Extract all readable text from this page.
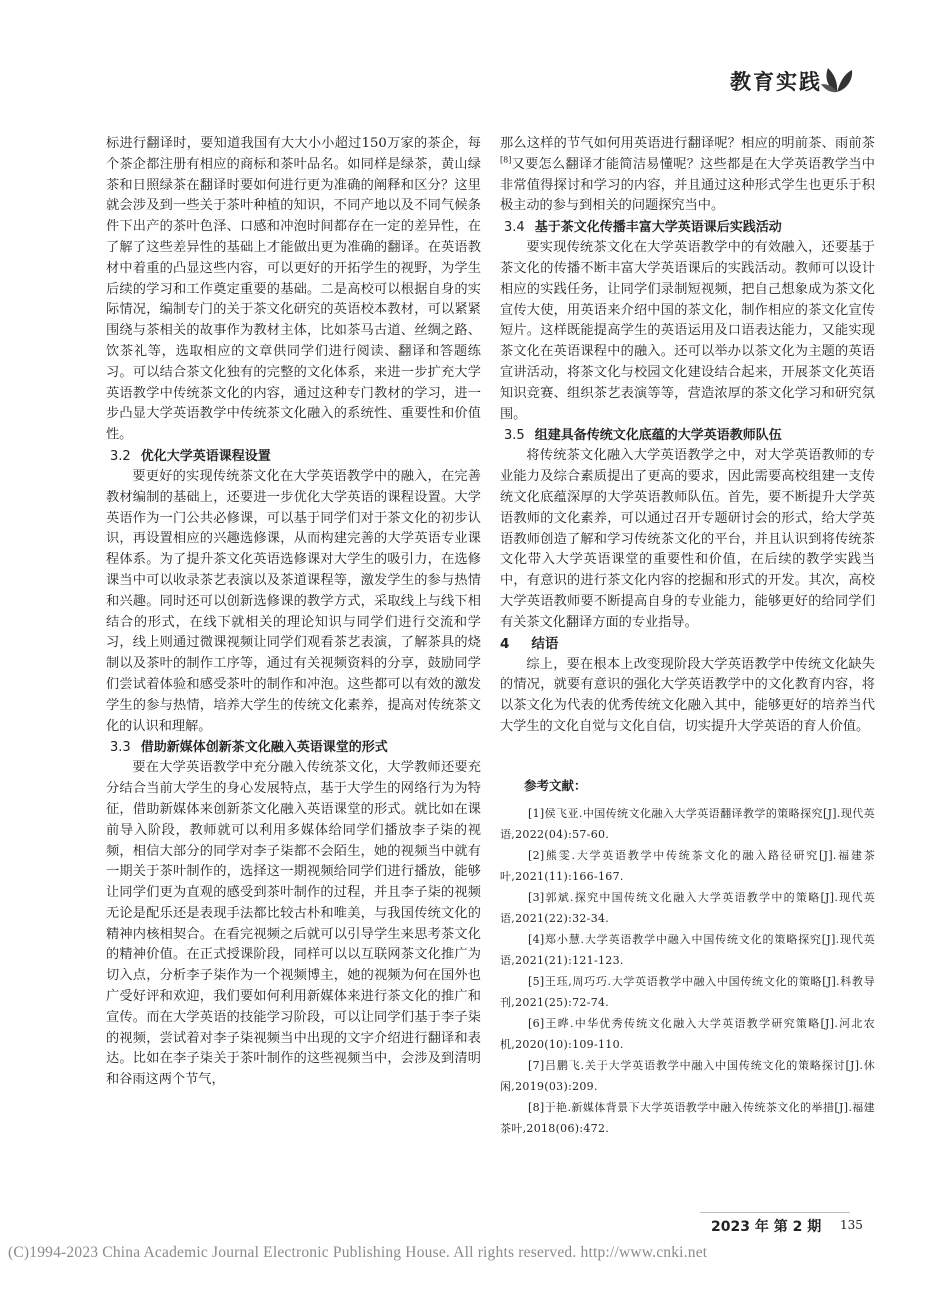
教育实践

标进行翻译时，要知道我国有大大小小超过150万家的茶企，每个茶企都注册有相应的商标和茶叶品名。如同样是绿茶，黄山绿茶和日照绿茶在翻译时要如何进行更为准确的阐释和区分？这里就会涉及到一些关于茶叶种植的知识，不同产地以及不同气候条件下出产的茶叶色泽、口感和冲泡时间都存在一定的差异性，在了解了这些差异性的基础上才能做出更为准确的翻译。在英语教材中着重的凸显这些内容，可以更好的开拓学生的视野，为学生后续的学习和工作奠定重要的基础。二是高校可以根据自身的实际情况，编制专门的关于茶文化研究的英语校本教材，可以紧紧围绕与茶相关的故事作为教材主体，比如茶马古道、丝绸之路、饮茶礼等，选取相应的文章供同学们进行阅读、翻译和答题练习。可以结合茶文化独有的完整的文化体系，来进一步扩充大学英语教学中传统茶文化的内容，通过这种专门教材的学习，进一步凸显大学英语教学中传统茶文化融入的系统性、重要性和价值性。

3.2 优化大学英语课程设置

要更好的实现传统茶文化在大学英语教学中的融入，在完善教材编制的基础上，还要进一步优化大学英语的课程设置。大学英语作为一门公共必修课，可以基于同学们对于茶文化的初步认识，再设置相应的兴趣选修课，从而构建完善的大学英语专业课程体系。为了提升茶文化英语选修课对大学生的吸引力，在选修课当中可以收录茶艺表演以及茶道课程等，激发学生的参与热情和兴趣。同时还可以创新选修课的教学方式，采取线上与线下相结合的形式，在线下就相关的理论知识与同学们进行交流和学习，线上则通过微课视频让同学们观看茶艺表演，了解茶具的烧制以及茶叶的制作工序等，通过有关视频资料的分享，鼓励同学们尝试着体验和感受茶叶的制作和冲泡。这些都可以有效的激发学生的参与热情，培养大学生的传统文化素养，提高对传统茶文化的认识和理解。

3.3 借助新媒体创新茶文化融入英语课堂的形式

要在大学英语教学中充分融入传统茶文化，大学教师还要充分结合当前大学生的身心发展特点，基于大学生的网络行为为特征，借助新媒体来创新茶文化融入英语课堂的形式。就比如在课前导入阶段，教师就可以利用多媒体给同学们播放李子柒的视频，相信大部分的同学对李子柒都不会陌生，她的视频当中就有一期关于茶叶制作的，选择这一期视频给同学们进行播放，能够让同学们更为直观的感受到茶叶制作的过程，并且李子柒的视频无论是配乐还是表现手法都比较古朴和唯美，与我国传统文化的精神内核相契合。在看完视频之后就可以引导学生来思考茶文化的精神价值。在正式授课阶段，同样可以以互联网茶文化推广为切入点，分析李子柒作为一个视频博主，她的视频为何在国外也广受好评和欢迎，我们要如何利用新媒体来进行茶文化的推广和宣传。而在大学英语的技能学习阶段，可以让同学们基于李子柒的视频，尝试着对李子柒视频当中出现的文字介绍进行翻译和表达。比如在李子柒关于茶叶制作的这些视频当中，会涉及到清明和谷雨这两个节气，

那么这样的节气如何用英语进行翻译呢？相应的明前茶、雨前茶[8]又要怎么翻译才能简洁易懂呢？这些都是在大学英语教学当中非常值得探讨和学习的内容，并且通过这种形式学生也更乐于积极主动的参与到相关的问题探究当中。

3.4 基于茶文化传播丰富大学英语课后实践活动

要实现传统茶文化在大学英语教学中的有效融入，还要基于茶文化的传播不断丰富大学英语课后的实践活动。教师可以设计相应的实践任务，让同学们录制短视频，把自己想象成为茶文化宣传大使，用英语来介绍中国的茶文化，制作相应的茶文化宣传短片。这样既能提高学生的英语运用及口语表达能力，又能实现茶文化在英语课程中的融入。还可以举办以茶文化为主题的英语宣讲活动，将茶文化与校园文化建设结合起来，开展茶文化英语知识竞赛、组织茶艺表演等等，营造浓厚的茶文化学习和研究氛围。

3.5 组建具备传统文化底蕴的大学英语教师队伍

将传统茶文化融入大学英语教学之中，对大学英语教师的专业能力及综合素质提出了更高的要求，因此需要高校组建一支传统文化底蕴深厚的大学英语教师队伍。首先，要不断提升大学英语教师的文化素养，可以通过召开专题研讨会的形式，给大学英语教师创造了解和学习传统茶文化的平台，并且认识到将传统茶文化带入大学英语课堂的重要性和价值，在后续的教学实践当中，有意识的进行茶文化内容的挖掘和形式的开发。其次，高校大学英语教师要不断提高自身的专业能力，能够更好的给同学们有关茶文化翻译方面的专业指导。

4 结语

综上，要在根本上改变现阶段大学英语教学中传统文化缺失的情况，就要有意识的强化大学英语教学中的文化教育内容，将以茶文化为代表的优秀传统文化融入其中，能够更好的培养当代大学生的文化自觉与文化自信，切实提升大学英语的育人价值。

参考文献：

[1]侯飞亚.中国传统文化融入大学英语翻译教学的策略探究[J].现代英语,2022(04):57-60.

[2]熊雯.大学英语教学中传统茶文化的融入路径研究[J].福建茶叶,2021(11):166-167.

[3]郭斌.探究中国传统文化融入大学英语教学中的策略[J].现代英语,2021(22):32-34.

[4]郑小慧.大学英语教学中融入中国传统文化的策略探究[J].现代英语,2021(21):121-123.

[5]王珏,周巧巧.大学英语教学中融入中国传统文化的策略[J].科教导刊,2021(25):72-74.

[6]王晔.中华优秀传统文化融入大学英语教学研究策略[J].河北农机,2020(10):109-110.

[7]吕鹏飞.关于大学英语教学中融入中国传统文化的策略探讨[J].休闲,2019(03):209.

[8]于艳.新媒体背景下大学英语教学中融入传统茶文化的举措[J].福建茶叶,2018(06):472.

2023 年 第 2 期 135
(C)1994-2023 China Academic Journal Electronic Publishing House. All rights reserved. http://www.cnki.net
